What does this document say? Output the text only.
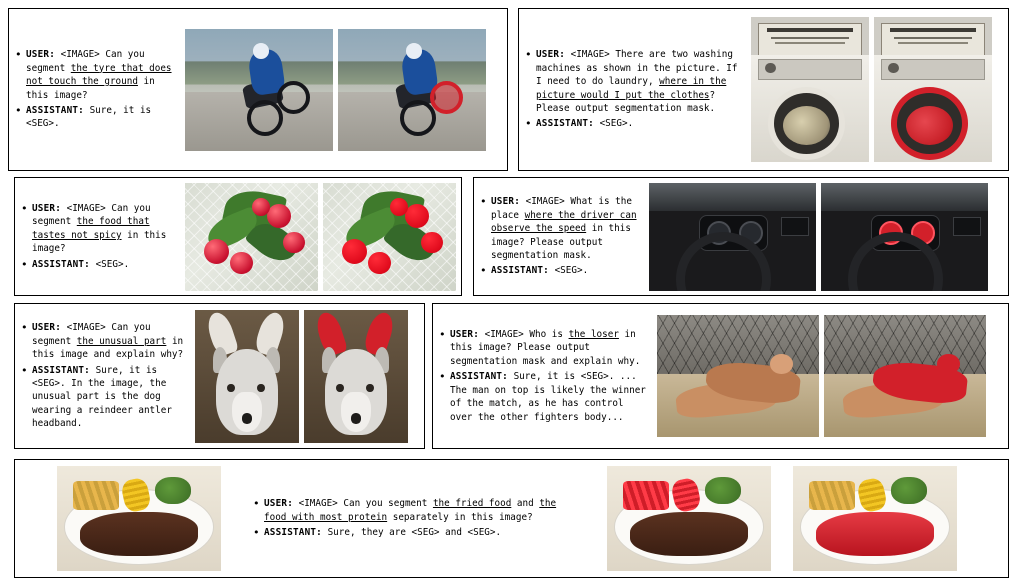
• USER: <IMAGE> Can you segment the tyre that does not touch the ground in this image?
• ASSISTANT: Sure, it is <SEG>.
• USER: <IMAGE> There are two washing machines as shown in the picture. If I need to do laundry, where in the picture would I put the clothes? Please output segmentation mask.
• ASSISTANT: <SEG>.
• USER: <IMAGE> Can you segment the food that tastes not spicy in this image?
• ASSISTANT: <SEG>.
• USER: <IMAGE> What is the place where the driver can observe the speed in this image? Please output segmentation mask.
• ASSISTANT: <SEG>.
• USER: <IMAGE> Can you segment the unusual part in this image and explain why?
• ASSISTANT: Sure, it is <SEG>. In the image, the unusual part is the dog wearing a reindeer antler headband.
• USER: <IMAGE> Who is the loser in this image? Please output segmentation mask and explain why.
• ASSISTANT: Sure, it is <SEG>. ... The man on top is likely the winner of the match, as he has control over the other fighters body...
• USER: <IMAGE> Can you segment the fried food and the food with most protein separately in this image?
• ASSISTANT: Sure, they are <SEG> and <SEG>.
